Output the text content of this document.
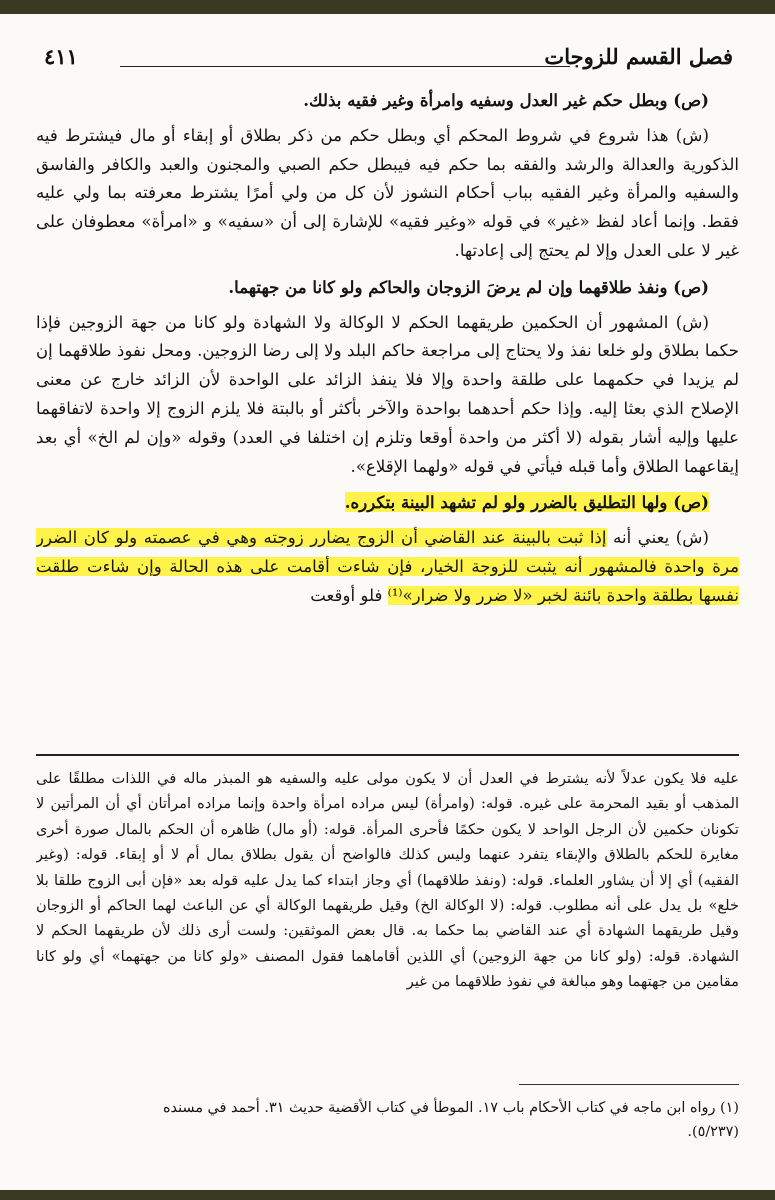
فصل القسم للزوجات
٤١١

(ص) وبطل حكم غير العدل وسفيه وامرأة وغير فقيه بذلك.

(ش) هذا شروع في شروط المحكم أي وبطل حكم من ذكر بطلاق أو إبقاء أو مال فيشترط فيه الذكورية والعدالة والرشد والفقه بما حكم فيه فيبطل حكم الصبي والمجنون والعبد والكافر والفاسق والسفيه والمرأة وغير الفقيه بباب أحكام النشوز لأن كل من ولي أمرًا يشترط معرفته بما ولي عليه فقط. وإنما أعاد لفظ «غير» في قوله «وغير فقيه» للإشارة إلى أن «سفيه» و «امرأة» معطوفان على غير لا على العدل وإلا لم يحتج إلى إعادتها.

(ص) ونفذ طلاقهما وإن لم يرضَ الزوجان والحاكم ولو كانا من جهتهما.

(ش) المشهور أن الحكمين طريقهما الحكم لا الوكالة ولا الشهادة ولو كانا من جهة الزوجين فإذا حكما بطلاق ولو خلعا نفذ ولا يحتاج إلى مراجعة حاكم البلد ولا إلى رضا الزوجين. ومحل نفوذ طلاقهما إن لم يزيدا في حكمهما على طلقة واحدة وإلا فلا ينفذ الزائد على الواحدة لأن الزائد خارج عن معنى الإصلاح الذي بعثا إليه. وإذا حكم أحدهما بواحدة والآخر بأكثر أو بالبتة فلا يلزم الزوج إلا واحدة لاتفاقهما عليها وإليه أشار بقوله (لا أكثر من واحدة أوقعا وتلزم إن اختلفا في العدد) وقوله «وإن لم الخ» أي بعد إيقاعهما الطلاق وأما قبله فيأتي في قوله «ولهما الإقلاع».

(ص) ولها التطليق بالضرر ولو لم تشهد البينة بتكرره.

(ش) يعني أنه إذا ثبت بالبينة عند القاضي أن الزوج يضارر زوجته وهي في عصمته ولو كان الضرر مرة واحدة فالمشهور أنه يثبت للزوجة الخيار، فإن شاءت أقامت على هذه الحالة وإن شاءت طلقت نفسها بطلقة واحدة بائنة لخبر «لا ضرر ولا ضرار»⁽¹⁾ فلو أوقعت

عليه فلا يكون عدلاً لأنه يشترط في العدل أن لا يكون مولى عليه والسفيه هو المبذر ماله في اللذات مطلقًا على المذهب أو بقيد المحرمة على غيره. قوله: (وامرأة) ليس مراده امرأة واحدة وإنما مراده امرأتان أي أن المرأتين لا تكونان حكمين لأن الرجل الواحد لا يكون حكمًا فأحرى المرأة. قوله: (أو مال) ظاهره أن الحكم بالمال صورة أخرى مغايرة للحكم بالطلاق والإبقاء يتفرد عنهما وليس كذلك فالواضح أن يقول بطلاق بمال أم لا أو إبقاء. قوله: (وغير الفقيه) أي إلا أن يشاور العلماء. قوله: (ونفذ طلاقهما) أي وجاز ابتداء كما يدل عليه قوله بعد «فإن أبى الزوج طلقا بلا خلع» بل يدل على أنه مطلوب. قوله: (لا الوكالة الخ) وقيل طريقهما الوكالة أي عن الباعث لهما الحاكم أو الزوجان وقيل طريقهما الشهادة أي عند القاضي بما حكما به. قال بعض الموثقين: ولست أرى ذلك لأن طريقهما الحكم لا الشهادة. قوله: (ولو كانا من جهة الزوجين) أي اللذين أقاماهما فقول المصنف «ولو كانا من جهتهما» أي ولو كانا مقامين من جهتهما وهو مبالغة في نفوذ طلاقهما من غير

(١) رواه ابن ماجه في كتاب الأحكام باب ١٧. الموطأ في كتاب الأقضية حديث ٣١. أحمد في مسنده

(٥/٢٣٧).
